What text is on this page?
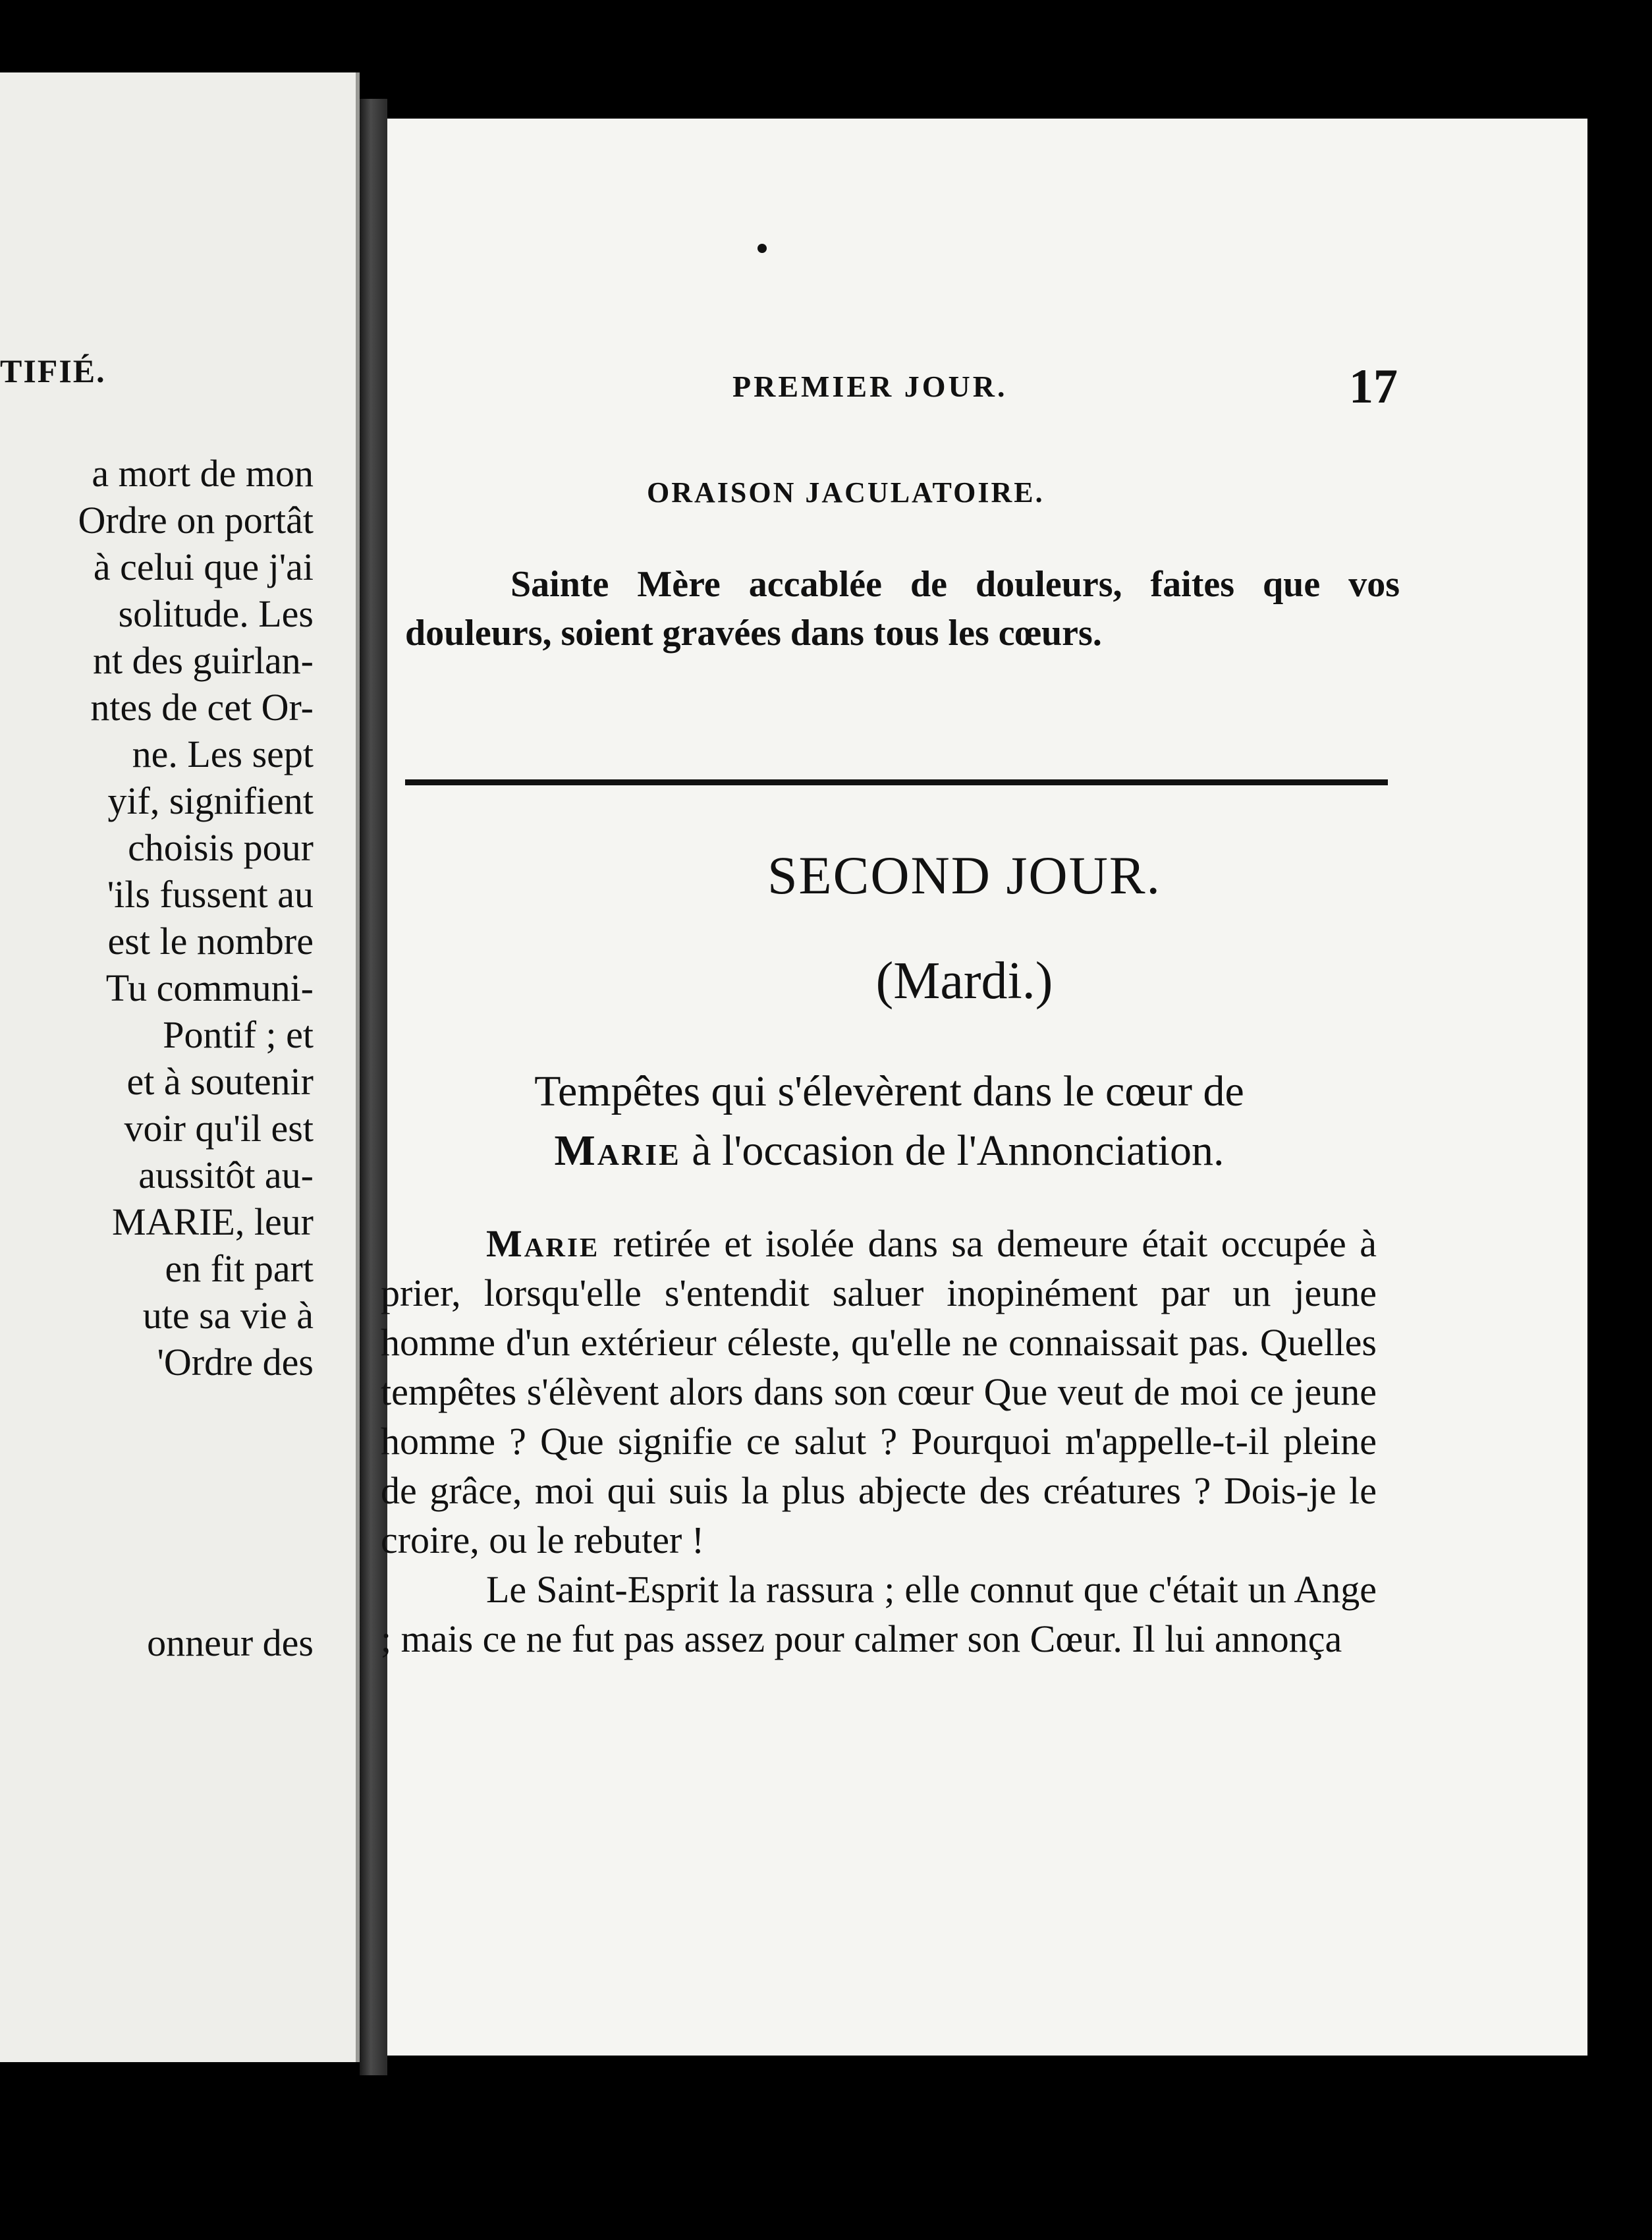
TIFIÉ.
a mort de mon
Ordre on portât
à celui que j'ai
solitude. Les
nt des guirlan-
ntes de cet Or-
ne. Les sept
yif, signifient
choisis pour
'ils fussent au
est le nombre
Tu communi-
Pontif ; et
et à soutenir
voir qu'il est
aussitôt au-
MARIE, leur
en fit part
ute sa vie à
'Ordre des
onneur des
PREMIER JOUR.	17
ORAISON JACULATOIRE.
Sainte Mère accablée de douleurs, faites que vos douleurs, soient gravées dans tous les cœurs.
SECOND JOUR.
(Mardi.)
Tempêtes qui s'élevèrent dans le cœur de
Marie à l'occasion de l'Annonciation.

Marie retirée et isolée dans sa demeure était occupée à prier, lorsqu'elle s'entendit saluer inopinément par un jeune homme d'un extérieur céleste, qu'elle ne connaissait pas. Quelles tempêtes s'élèvent alors dans son cœur Que veut de moi ce jeune homme ? Que signifie ce salut ? Pourquoi m'appelle-t-il pleine de grâce, moi qui suis la plus abjecte des créatures ? Dois-je le croire, ou le rebuter !

Le Saint-Esprit la rassura ; elle connut que c'était un Ange ; mais ce ne fut pas assez pour calmer son Cœur. Il lui annonça
